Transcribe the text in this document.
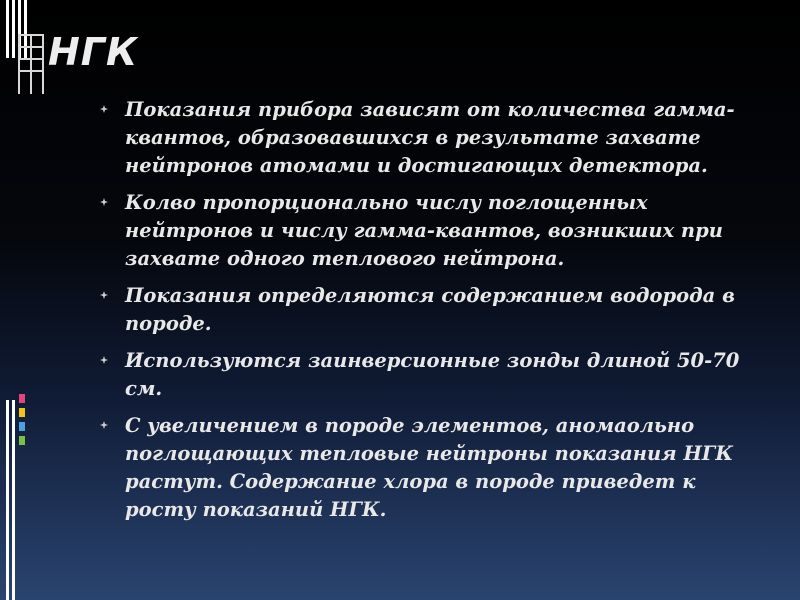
НГК
Показания прибора зависят от количества гамма-квантов, образовавшихся в результате захвате нейтронов атомами и достигающих детектора.
Колво пропорционально числу поглощенных нейтронов и числу гамма-квантов, возникших при захвате одного теплового нейтрона.
Показания определяются содержанием водорода в породе.
Используются заинверсионные зонды длиной 50-70 см.
С увеличением в породе элементов, аномаольно поглощающих тепловые нейтроны показания НГК растут. Содержание хлора в породе приведет к росту показаний НГК.
